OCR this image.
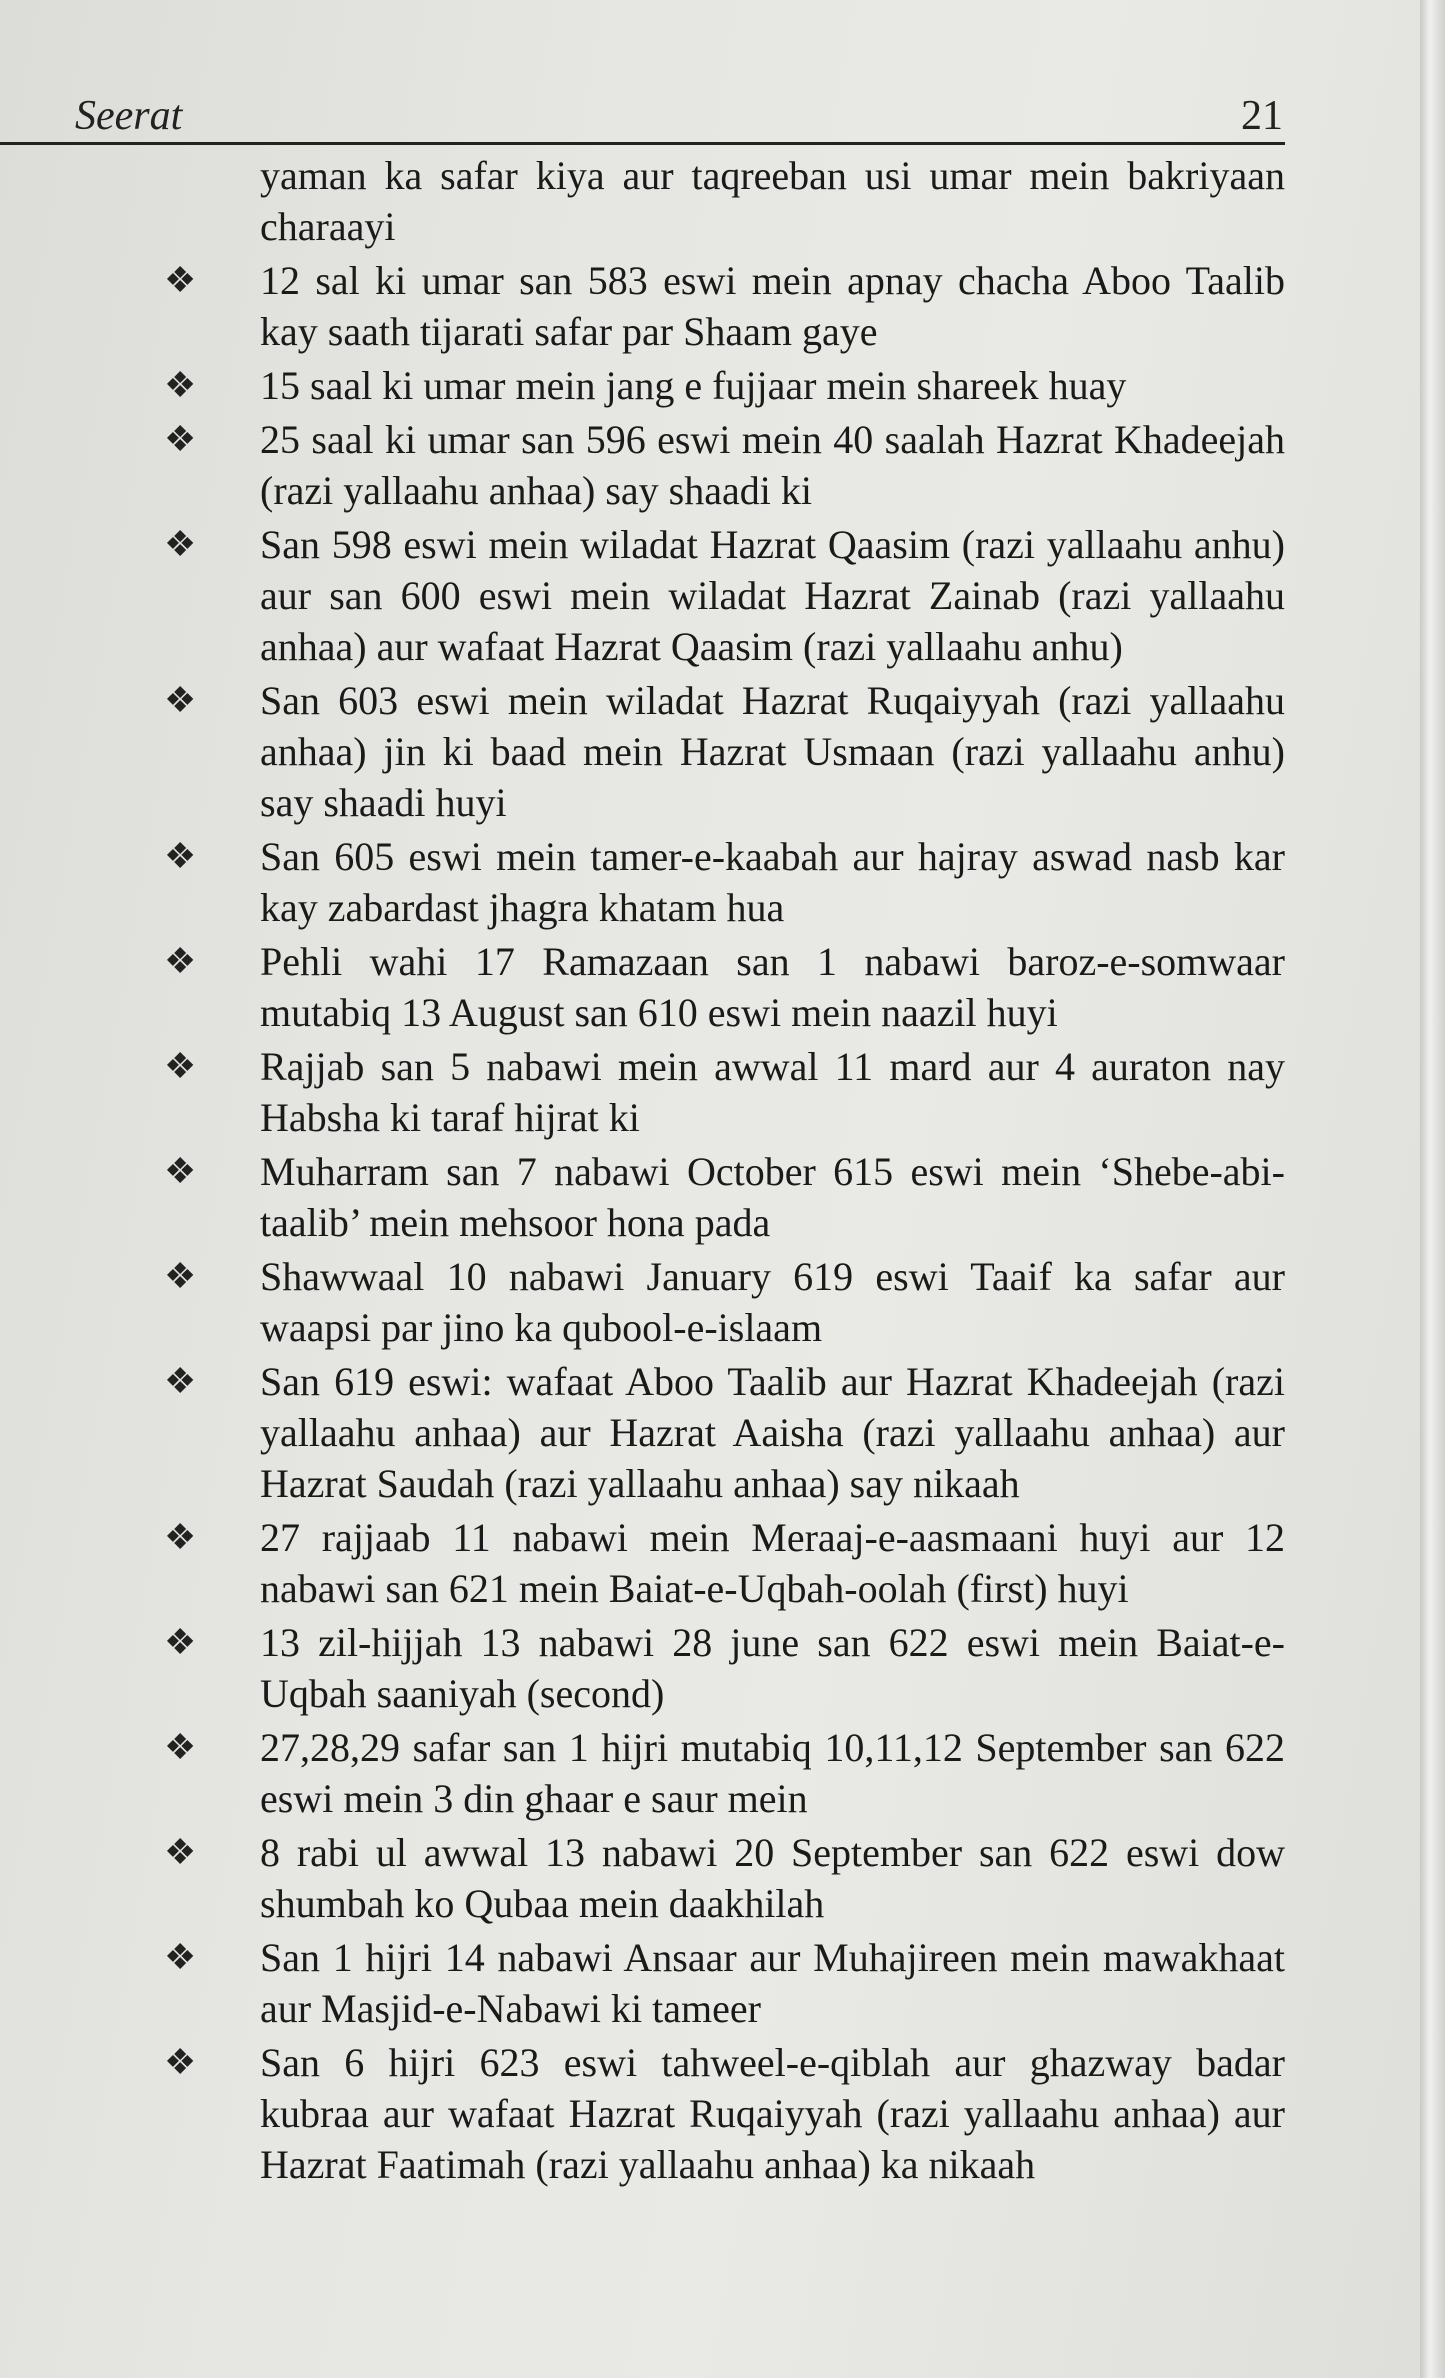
Seerat	21

yaman ka safar kiya aur taqreeban usi umar mein bakriyaan charaayi

❖ 12 sal ki umar san 583 eswi mein apnay chacha Aboo Taalib kay saath tijarati safar par Shaam gaye
❖ 15 saal ki umar mein jang e fujjaar mein shareek huay
❖ 25 saal ki umar san 596 eswi mein 40 saalah Hazrat Khadeejah (razi yallaahu anhaa) say shaadi ki
❖ San 598 eswi mein wiladat Hazrat Qaasim (razi yallaahu anhu) aur san 600 eswi mein wiladat Hazrat Zainab (razi yallaahu anhaa) aur wafaat Hazrat Qaasim (razi yallaahu anhu)
❖ San 603 eswi mein wiladat Hazrat Ruqaiyyah (razi yallaahu anhaa) jin ki baad mein Hazrat Usmaan (razi yallaahu anhu) say shaadi huyi
❖ San 605 eswi mein tamer-e-kaabah aur hajray aswad nasb kar kay zabardast jhagra khatam hua
❖ Pehli wahi 17 Ramazaan san 1 nabawi baroz-e-somwaar mutabiq 13 August san 610 eswi mein naazil huyi
❖ Rajjab san 5 nabawi mein awwal 11 mard aur 4 auraton nay Habsha ki taraf hijrat ki
❖ Muharram san 7 nabawi October 615 eswi mein ‘Shebe-abi-taalib’ mein mehsoor hona pada
❖ Shawwaal 10 nabawi January 619 eswi Taaif ka safar aur waapsi par jino ka qubool-e-islaam
❖ San 619 eswi: wafaat Aboo Taalib aur Hazrat Khadeejah (razi yallaahu anhaa) aur Hazrat Aaisha (razi yallaahu anhaa) aur Hazrat Saudah (razi yallaahu anhaa) say nikaah
❖ 27 rajjaab 11 nabawi mein Meraaj-e-aasmaani huyi aur 12 nabawi san 621 mein Baiat-e-Uqbah-oolah (first) huyi
❖ 13 zil-hijjah 13 nabawi 28 june san 622 eswi mein Baiat-e-Uqbah saaniyah (second)
❖ 27,28,29 safar san 1 hijri mutabiq 10,11,12 September san 622 eswi mein 3 din ghaar e saur mein
❖ 8 rabi ul awwal 13 nabawi 20 September san 622 eswi dow shumbah ko Qubaa mein daakhilah
❖ San 1 hijri 14 nabawi Ansaar aur Muhajireen mein mawakhaat aur Masjid-e-Nabawi ki tameer
❖ San 6 hijri 623 eswi tahweel-e-qiblah aur ghazway badar kubraa aur wafaat Hazrat Ruqaiyyah (razi yallaahu anhaa) aur Hazrat Faatimah (razi yallaahu anhaa) ka nikaah
